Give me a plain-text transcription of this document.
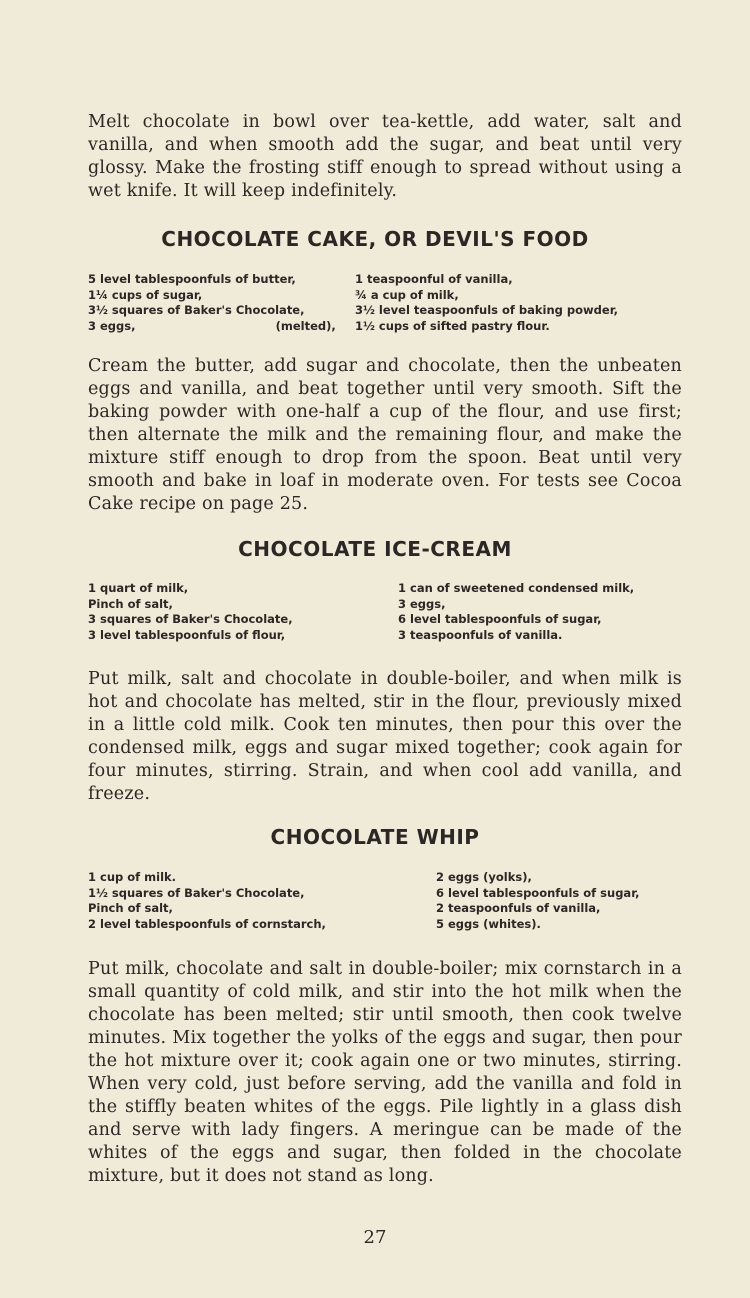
Melt chocolate in bowl over tea-kettle, add water, salt and vanilla, and when smooth add the sugar, and beat until very glossy. Make the frosting stiff enough to spread without using a wet knife. It will keep indefinitely.

CHOCOLATE CAKE, OR DEVIL'S FOOD
5 level tablespoonfuls of butter,
1¼ cups of sugar,
3½ squares of Baker's Chocolate,
3 eggs,                                   (melted),
1 teaspoonful of vanilla,
¾ a cup of milk,
3½ level teaspoonfuls of baking powder,
1½ cups of sifted pastry flour.

Cream the butter, add sugar and chocolate, then the unbeaten eggs and vanilla, and beat together until very smooth. Sift the baking powder with one-half a cup of the flour, and use first; then alternate the milk and the remaining flour, and make the mixture stiff enough to drop from the spoon. Beat until very smooth and bake in loaf in moderate oven. For tests see Cocoa Cake recipe on page 25.

CHOCOLATE ICE-CREAM
1 quart of milk,
Pinch of salt,
3 squares of Baker's Chocolate,
3 level tablespoonfuls of flour,
1 can of sweetened condensed milk,
3 eggs,
6 level tablespoonfuls of sugar,
3 teaspoonfuls of vanilla.

Put milk, salt and chocolate in double-boiler, and when milk is hot and chocolate has melted, stir in the flour, previously mixed in a little cold milk. Cook ten minutes, then pour this over the condensed milk, eggs and sugar mixed together; cook again for four minutes, stirring. Strain, and when cool add vanilla, and freeze.

CHOCOLATE WHIP
1 cup of milk.
1½ squares of Baker's Chocolate,
Pinch of salt,
2 level tablespoonfuls of cornstarch,
2 eggs (yolks),
6 level tablespoonfuls of sugar,
2 teaspoonfuls of vanilla,
5 eggs (whites).

Put milk, chocolate and salt in double-boiler; mix cornstarch in a small quantity of cold milk, and stir into the hot milk when the chocolate has been melted; stir until smooth, then cook twelve minutes. Mix together the yolks of the eggs and sugar, then pour the hot mixture over it; cook again one or two minutes, stirring. When very cold, just before serving, add the vanilla and fold in the stiffly beaten whites of the eggs. Pile lightly in a glass dish and serve with lady fingers. A meringue can be made of the whites of the eggs and sugar, then folded in the chocolate mixture, but it does not stand as long.

27
